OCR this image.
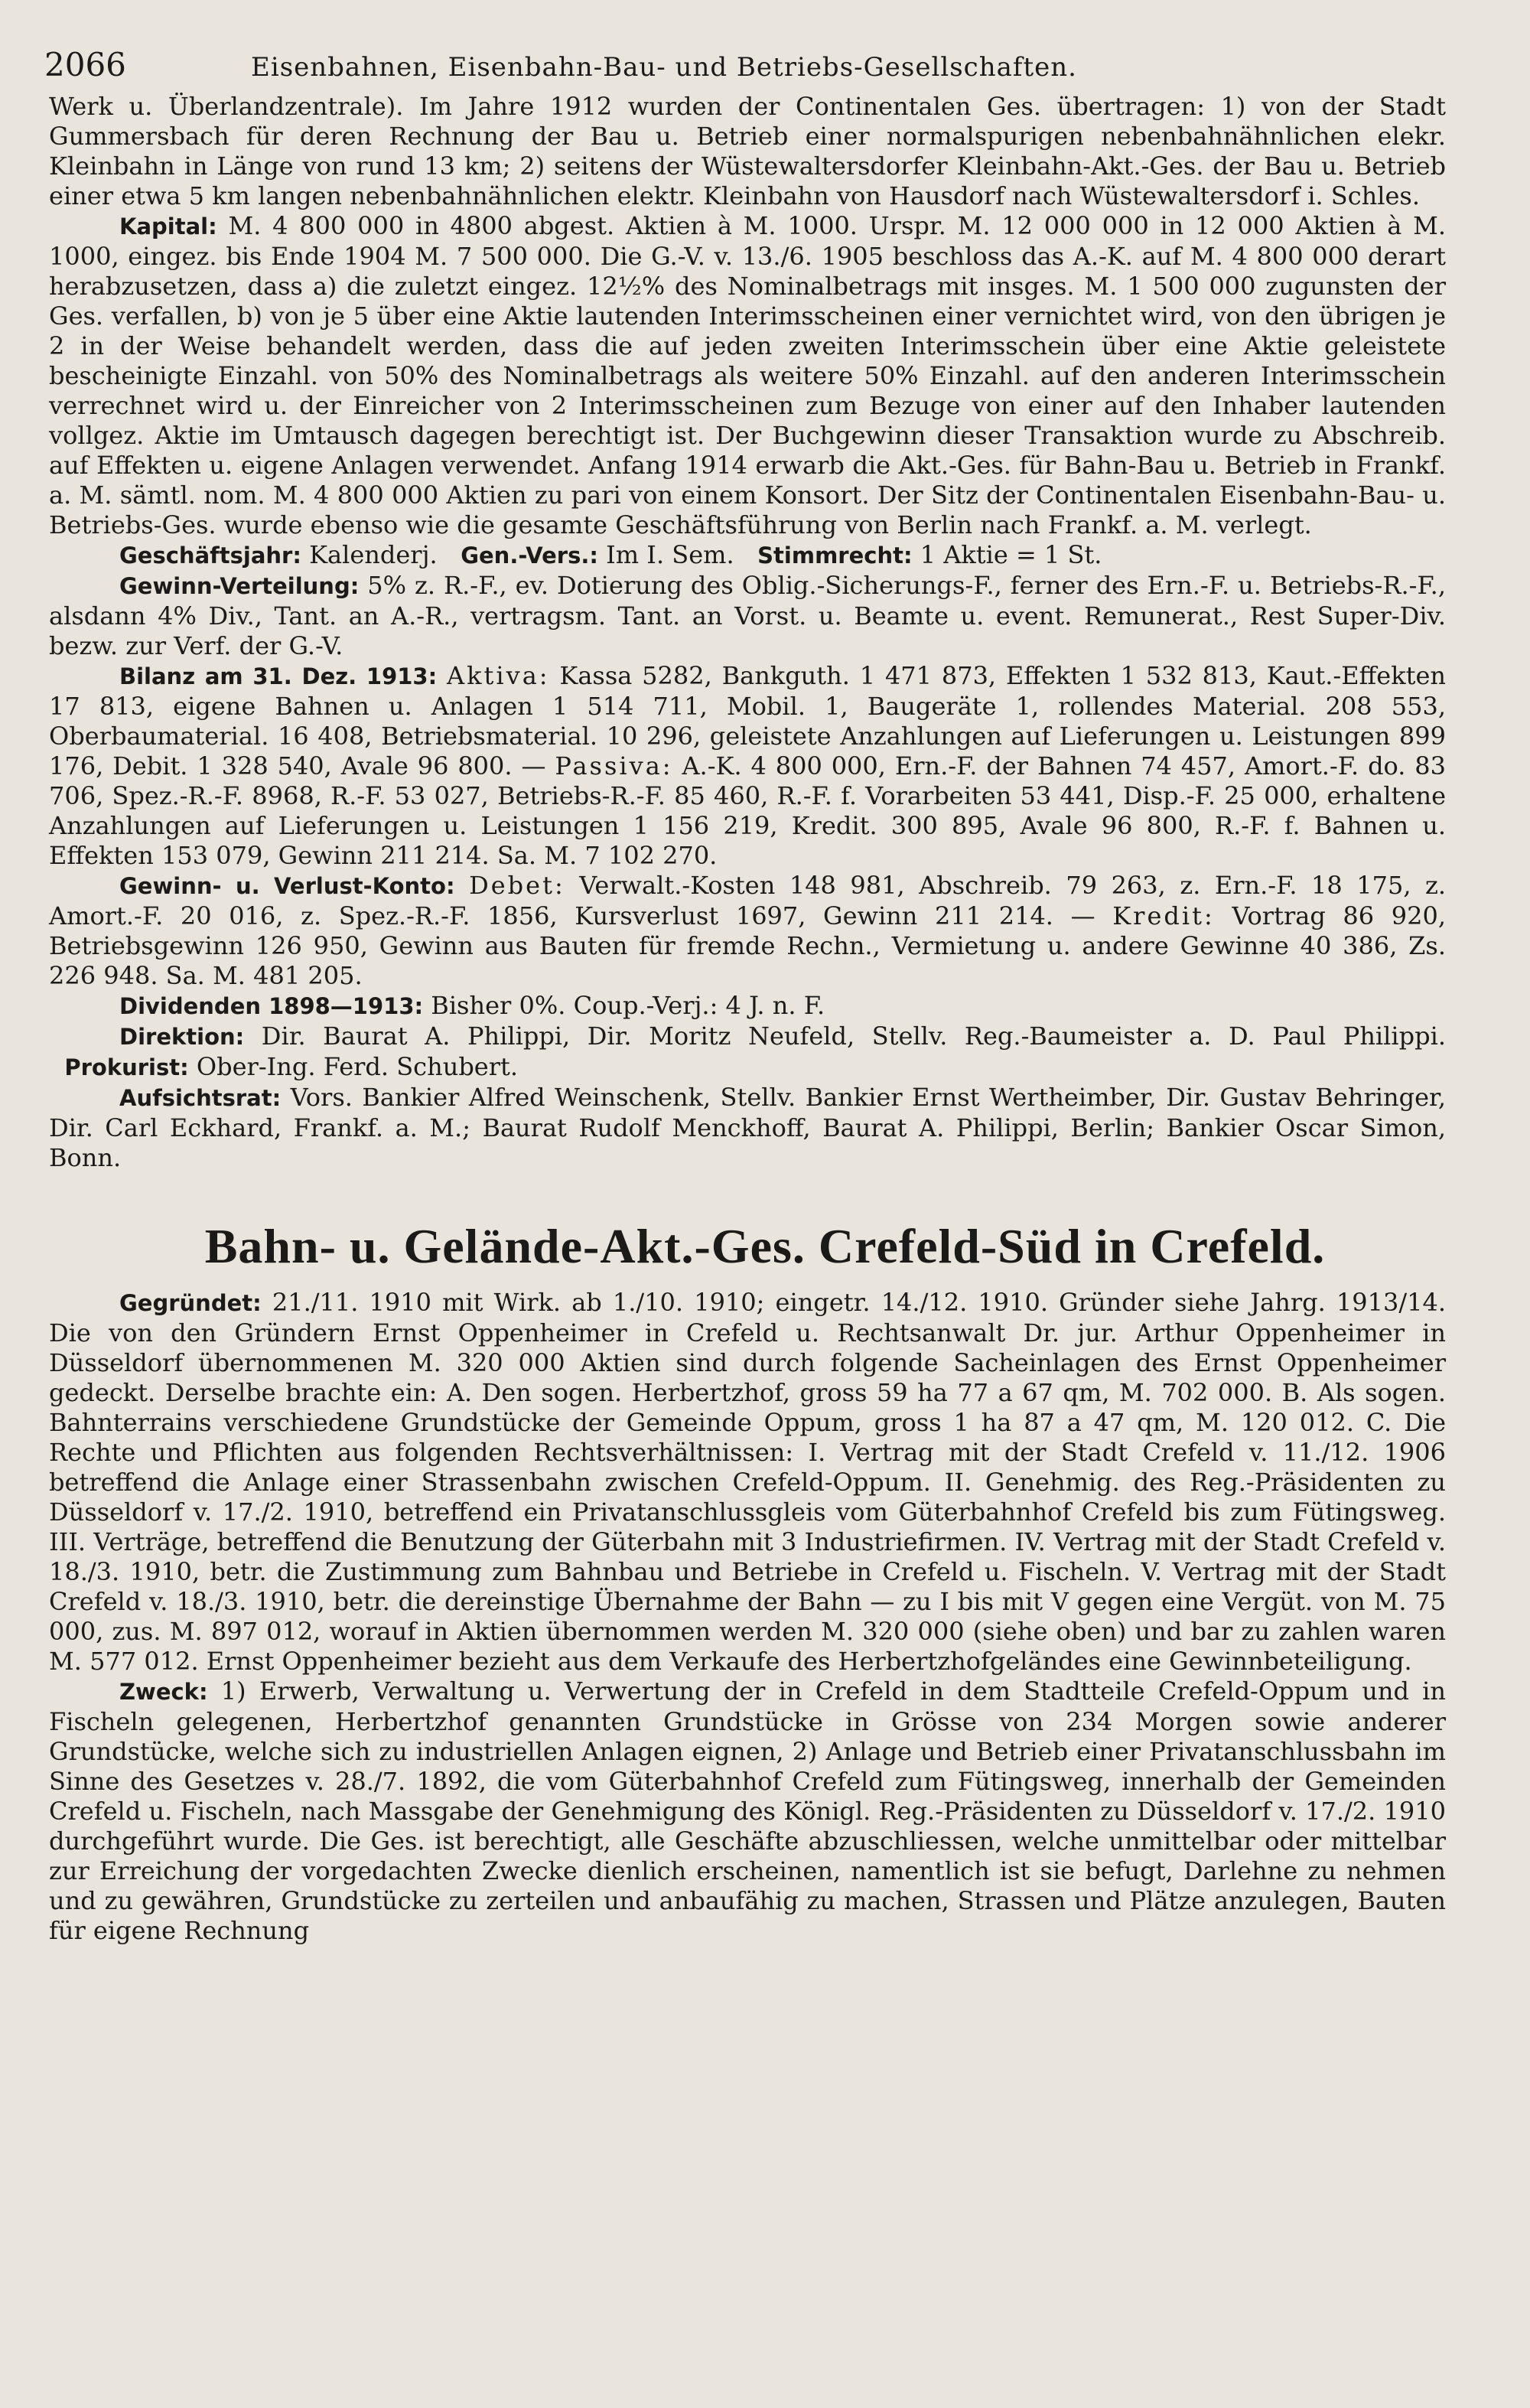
2066	Eisenbahnen, Eisenbahn-Bau- und Betriebs-Gesellschaften.

Werk u. Überlandzentrale). Im Jahre 1912 wurden der Continentalen Ges. übertragen: 1) von der Stadt Gummersbach für deren Rechnung der Bau u. Betrieb einer normalspurigen nebenbahnähnlichen elekr. Kleinbahn in Länge von rund 13 km; 2) seitens der Wüstewaltersdorfer Kleinbahn-Akt.-Ges. der Bau u. Betrieb einer etwa 5 km langen nebenbahnähnlichen elektr. Kleinbahn von Hausdorf nach Wüstewaltersdorf i. Schles.

Kapital: M. 4 800 000 in 4800 abgest. Aktien à M. 1000. Urspr. M. 12 000 000 in 12 000 Aktien à M. 1000, eingez. bis Ende 1904 M. 7 500 000. Die G.-V. v. 13./6. 1905 beschloss das A.-K. auf M. 4 800 000 derart herabzusetzen, dass a) die zuletzt eingez. 12½% des Nominalbetrags mit insges. M. 1 500 000 zugunsten der Ges. verfallen, b) von je 5 über eine Aktie lautenden Interimsscheinen einer vernichtet wird, von den übrigen je 2 in der Weise behandelt werden, dass die auf jeden zweiten Interimsschein über eine Aktie geleistete bescheinigte Einzahl. von 50% des Nominalbetrags als weitere 50% Einzahl. auf den anderen Interimsschein verrechnet wird u. der Einreicher von 2 Interimsscheinen zum Bezuge von einer auf den Inhaber lautenden vollgez. Aktie im Umtausch dagegen berechtigt ist. Der Buchgewinn dieser Transaktion wurde zu Abschreib. auf Effekten u. eigene Anlagen verwendet. Anfang 1914 erwarb die Akt.-Ges. für Bahn-Bau u. Betrieb in Frankf. a. M. sämtl. nom. M. 4 800 000 Aktien zu pari von einem Konsort. Der Sitz der Continentalen Eisenbahn-Bau- u. Betriebs-Ges. wurde ebenso wie die gesamte Geschäftsführung von Berlin nach Frankf. a. M. verlegt.

Geschäftsjahr: Kalenderj. Gen.-Vers.: Im I. Sem. Stimmrecht: 1 Aktie = 1 St.

Gewinn-Verteilung: 5% z. R.-F., ev. Dotierung des Oblig.-Sicherungs-F., ferner des Ern.-F. u. Betriebs-R.-F., alsdann 4% Div., Tant. an A.-R., vertragsm. Tant. an Vorst. u. Beamte u. event. Remunerat., Rest Super-Div. bezw. zur Verf. der G.-V.

Bilanz am 31. Dez. 1913: Aktiva: Kassa 5282, Bankguth. 1 471 873, Effekten 1 532 813, Kaut.-Effekten 17 813, eigene Bahnen u. Anlagen 1 514 711, Mobil. 1, Baugeräte 1, rollendes Material. 208 553, Oberbaumaterial. 16 408, Betriebsmaterial. 10 296, geleistete Anzahlungen auf Lieferungen u. Leistungen 899 176, Debit. 1 328 540, Avale 96 800. — Passiva: A.-K. 4 800 000, Ern.-F. der Bahnen 74 457, Amort.-F. do. 83 706, Spez.-R.-F. 8968, R.-F. 53 027, Betriebs-R.-F. 85 460, R.-F. f. Vorarbeiten 53 441, Disp.-F. 25 000, erhaltene Anzahlungen auf Lieferungen u. Leistungen 1 156 219, Kredit. 300 895, Avale 96 800, R.-F. f. Bahnen u. Effekten 153 079, Gewinn 211 214. Sa. M. 7 102 270.

Gewinn- u. Verlust-Konto: Debet: Verwalt.-Kosten 148 981, Abschreib. 79 263, z. Ern.-F. 18 175, z. Amort.-F. 20 016, z. Spez.-R.-F. 1856, Kursverlust 1697, Gewinn 211 214. — Kredit: Vortrag 86 920, Betriebsgewinn 126 950, Gewinn aus Bauten für fremde Rechn., Vermietung u. andere Gewinne 40 386, Zs. 226 948. Sa. M. 481 205.

Dividenden 1898—1913: Bisher 0%. Coup.-Verj.: 4 J. n. F.

Direktion: Dir. Baurat A. Philippi, Dir. Moritz Neufeld, Stellv. Reg.-Baumeister a. D. Paul Philippi.   Prokurist: Ober-Ing. Ferd. Schubert.

Aufsichtsrat: Vors. Bankier Alfred Weinschenk, Stellv. Bankier Ernst Wertheimber, Dir. Gustav Behringer, Dir. Carl Eckhard, Frankf. a. M.; Baurat Rudolf Menckhoff, Baurat A. Philippi, Berlin; Bankier Oscar Simon, Bonn.

Bahn- u. Gelände-Akt.-Ges. Crefeld-Süd in Crefeld.

Gegründet: 21./11. 1910 mit Wirk. ab 1./10. 1910; eingetr. 14./12. 1910. Gründer siehe Jahrg. 1913/14. Die von den Gründern Ernst Oppenheimer in Crefeld u. Rechtsanwalt Dr. jur. Arthur Oppenheimer in Düsseldorf übernommenen M. 320 000 Aktien sind durch folgende Sacheinlagen des Ernst Oppenheimer gedeckt. Derselbe brachte ein: A. Den sogen. Herbertzhof, gross 59 ha 77 a 67 qm, M. 702 000. B. Als sogen. Bahnterrains verschiedene Grundstücke der Gemeinde Oppum, gross 1 ha 87 a 47 qm, M. 120 012. C. Die Rechte und Pflichten aus folgenden Rechtsverhältnissen: I. Vertrag mit der Stadt Crefeld v. 11./12. 1906 betreffend die Anlage einer Strassenbahn zwischen Crefeld-Oppum. II. Genehmig. des Reg.-Präsidenten zu Düsseldorf v. 17./2. 1910, betreffend ein Privatanschlussgleis vom Güterbahnhof Crefeld bis zum Fütingsweg. III. Verträge, betreffend die Benutzung der Güterbahn mit 3 Industriefirmen. IV. Vertrag mit der Stadt Crefeld v. 18./3. 1910, betr. die Zustimmung zum Bahnbau und Betriebe in Crefeld u. Fischeln. V. Vertrag mit der Stadt Crefeld v. 18./3. 1910, betr. die dereinstige Übernahme der Bahn — zu I bis mit V gegen eine Vergüt. von M. 75 000, zus. M. 897 012, worauf in Aktien übernommen werden M. 320 000 (siehe oben) und bar zu zahlen waren M. 577 012. Ernst Oppenheimer bezieht aus dem Verkaufe des Herbertzhofgeländes eine Gewinnbeteiligung.

Zweck: 1) Erwerb, Verwaltung u. Verwertung der in Crefeld in dem Stadtteile Crefeld-Oppum und in Fischeln gelegenen, Herbertzhof genannten Grundstücke in Grösse von 234 Morgen sowie anderer Grundstücke, welche sich zu industriellen Anlagen eignen, 2) Anlage und Betrieb einer Privatanschlussbahn im Sinne des Gesetzes v. 28./7. 1892, die vom Güterbahnhof Crefeld zum Fütingsweg, innerhalb der Gemeinden Crefeld u. Fischeln, nach Massgabe der Genehmigung des Königl. Reg.-Präsidenten zu Düsseldorf v. 17./2. 1910 durchgeführt wurde. Die Ges. ist berechtigt, alle Geschäfte abzuschliessen, welche unmittelbar oder mittelbar zur Erreichung der vorgedachten Zwecke dienlich erscheinen, namentlich ist sie befugt, Darlehne zu nehmen und zu gewähren, Grundstücke zu zerteilen und anbaufähig zu machen, Strassen und Plätze anzulegen, Bauten für eigene Rechnung
